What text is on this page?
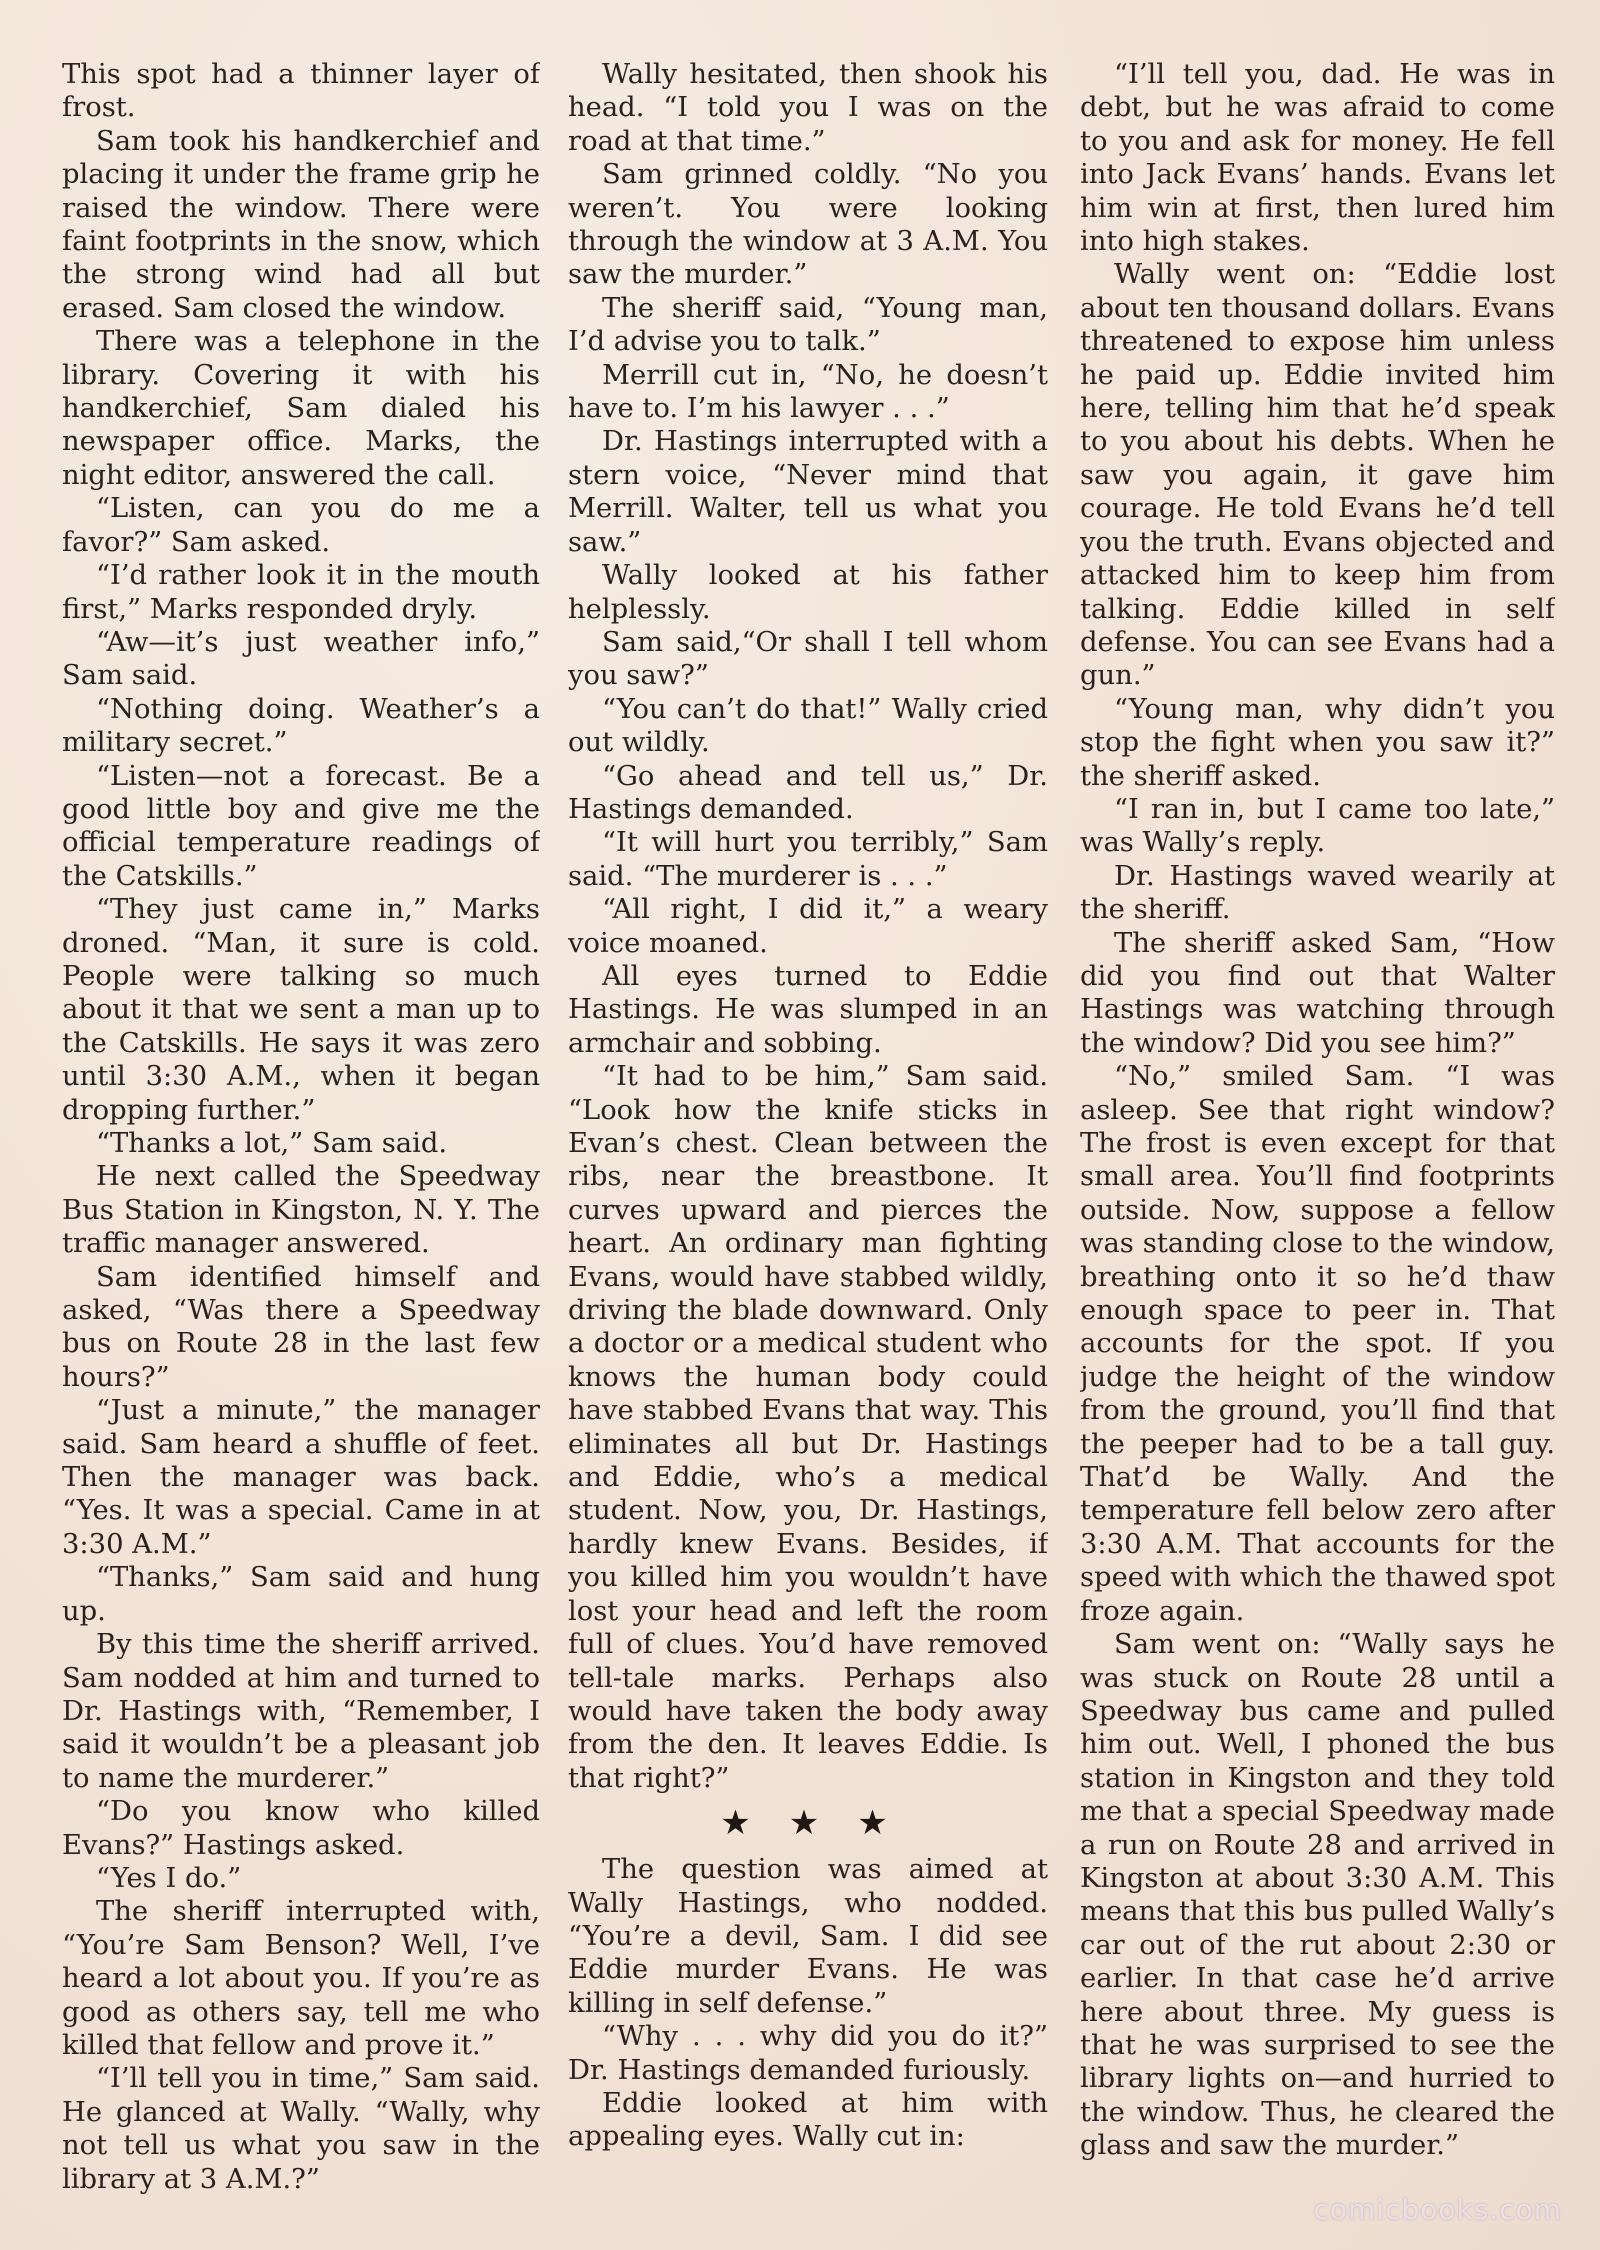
This spot had a thinner layer of frost.

Sam took his handkerchief and placing it under the frame grip he raised the window. There were faint footprints in the snow, which the strong wind had all but erased. Sam closed the window.

There was a telephone in the library. Covering it with his handkerchief, Sam dialed his newspaper office. Marks, the night editor, answered the call.

“Listen, can you do me a favor?” Sam asked.

“I’d rather look it in the mouth first,” Marks responded dryly.

“Aw—it’s just weather info,” Sam said.

“Nothing doing. Weather’s a military secret.”

“Listen—not a forecast. Be a good little boy and give me the official temperature readings of the Catskills.”

“They just came in,” Marks droned. “Man, it sure is cold. People were talking so much about it that we sent a man up to the Catskills. He says it was zero until 3:30 A.M., when it began dropping further.”

“Thanks a lot,” Sam said.

He next called the Speedway Bus Station in Kingston, N. Y. The traffic manager answered.

Sam identified himself and asked, “Was there a Speedway bus on Route 28 in the last few hours?”

“Just a minute,” the manager said. Sam heard a shuffle of feet. Then the manager was back. “Yes. It was a special. Came in at 3:30 A.M.”

“Thanks,” Sam said and hung up.

By this time the sheriff arrived. Sam nodded at him and turned to Dr. Hastings with, “Remember, I said it wouldn’t be a pleasant job to name the murderer.”

“Do you know who killed Evans?” Hastings asked.

“Yes I do.”

The sheriff interrupted with, “You’re Sam Benson? Well, I’ve heard a lot about you. If you’re as good as others say, tell me who killed that fellow and prove it.”

“I’ll tell you in time,” Sam said. He glanced at Wally. “Wally, why not tell us what you saw in the library at 3 A.M.?”

Wally hesitated, then shook his head. “I told you I was on the road at that time.”

Sam grinned coldly. “No you weren’t. You were looking through the window at 3 A.M. You saw the murder.”

The sheriff said, “Young man, I’d advise you to talk.”

Merrill cut in, “No, he doesn’t have to. I’m his lawyer . . .”

Dr. Hastings interrupted with a stern voice, “Never mind that Merrill. Walter, tell us what you saw.”

Wally looked at his father helplessly.

Sam said,“Or shall I tell whom you saw?”

“You can’t do that!” Wally cried out wildly.

“Go ahead and tell us,” Dr. Hastings demanded.

“It will hurt you terribly,” Sam said. “The murderer is . . .”

“All right, I did it,” a weary voice moaned.

All eyes turned to Eddie Hastings. He was slumped in an armchair and sobbing.

“It had to be him,” Sam said. “Look how the knife sticks in Evan’s chest. Clean between the ribs, near the breastbone. It curves upward and pierces the heart. An ordinary man fighting Evans, would have stabbed wildly, driving the blade downward. Only a doctor or a medical student who knows the human body could have stabbed Evans that way. This eliminates all but Dr. Hastings and Eddie, who’s a medical student. Now, you, Dr. Hastings, hardly knew Evans. Besides, if you killed him you wouldn’t have lost your head and left the room full of clues. You’d have removed tell-tale marks. Perhaps also would have taken the body away from the den. It leaves Eddie. Is that right?”

★★★

The question was aimed at Wally Hastings, who nodded. “You’re a devil, Sam. I did see Eddie murder Evans. He was killing in self defense.”

“Why . . . why did you do it?” Dr. Hastings demanded furiously.

Eddie looked at him with appealing eyes. Wally cut in:

“I’ll tell you, dad. He was in debt, but he was afraid to come to you and ask for money. He fell into Jack Evans’ hands. Evans let him win at first, then lured him into high stakes.

Wally went on: “Eddie lost about ten thousand dollars. Evans threatened to expose him unless he paid up. Eddie invited him here, telling him that he’d speak to you about his debts. When he saw you again, it gave him courage. He told Evans he’d tell you the truth. Evans objected and attacked him to keep him from talking. Eddie killed in self defense. You can see Evans had a gun.”

“Young man, why didn’t you stop the fight when you saw it?” the sheriff asked.

“I ran in, but I came too late,” was Wally’s reply.

Dr. Hastings waved wearily at the sheriff.

The sheriff asked Sam, “How did you find out that Walter Hastings was watching through the window? Did you see him?”

“No,” smiled Sam. “I was asleep. See that right window? The frost is even except for that small area. You’ll find footprints outside. Now, suppose a fellow was standing close to the window, breathing onto it so he’d thaw enough space to peer in. That accounts for the spot. If you judge the height of the window from the ground, you’ll find that the peeper had to be a tall guy. That’d be Wally. And the temperature fell below zero after 3:30 A.M. That accounts for the speed with which the thawed spot froze again.

Sam went on: “Wally says he was stuck on Route 28 until a Speedway bus came and pulled him out. Well, I phoned the bus station in Kingston and they told me that a special Speedway made a run on Route 28 and arrived in Kingston at about 3:30 A.M. This means that this bus pulled Wally’s car out of the rut about 2:30 or earlier. In that case he’d arrive here about three. My guess is that he was surprised to see the library lights on—and hurried to the window. Thus, he cleared the glass and saw the murder.”

comicbooks.com
